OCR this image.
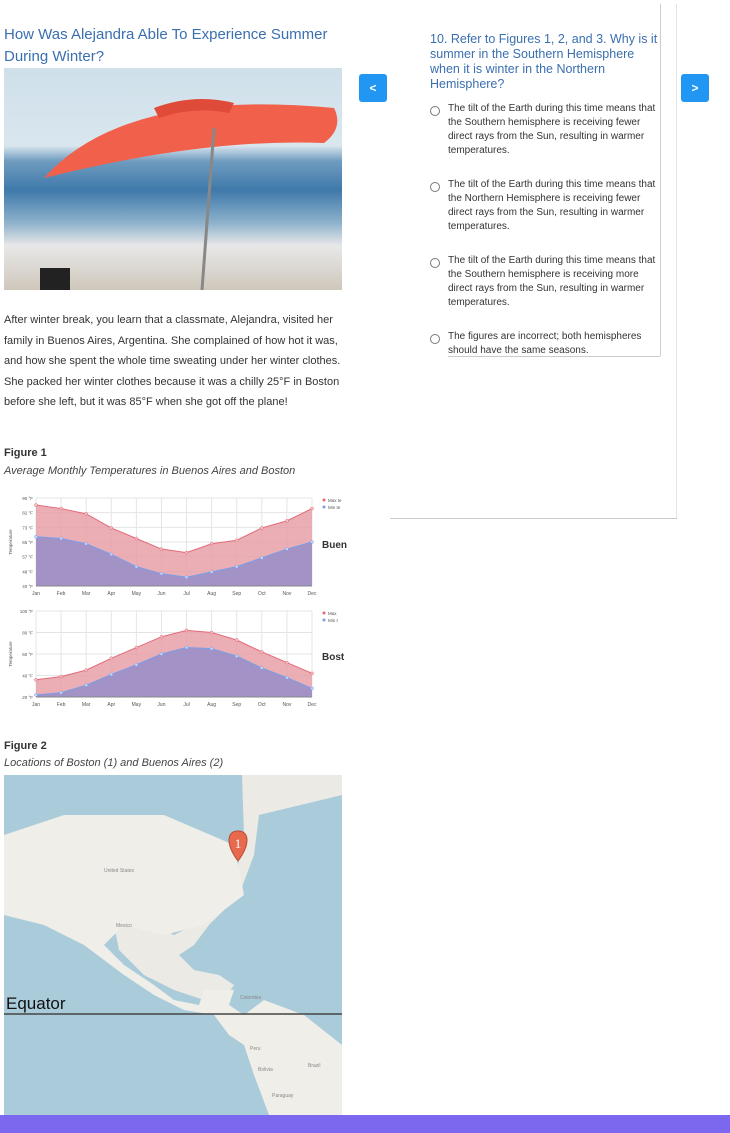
How Was Alejandra Able To Experience Summer During Winter?
After winter break, you learn that a classmate, Alejandra, visited her family in Buenos Aires, Argentina. She complained of how hot it was, and how she spent the whole time sweating under her winter clothes. She packed her winter clothes because it was a chilly 25°F in Boston before she left, but it was 85°F when she got off the plane!
Figure 1
Average Monthly Temperatures in Buenos Aires and Boston
Jan	Feb	Mar	Apr	May	Jun	Jul	Aug	Sep	Oct	Nov	Dec
40 °F
48 °F
57 °F
65 °F
73 °F
82 °F
90 °F
Temperature
Max te
Min te
Buen
Jan	Feb	Mar	Apr	May	Jun	Jul	Aug	Sep	Oct	Nov	Dec
20 °F
40 °F
60 °F
80 °F
100 °F
Temperature
Max
Min t
Bost
Figure 2
Locations of Boston (1) and Buenos Aires (2)
United States
Mexico
Colombia
Peru
Brazil
Bolivia
Paraguay
1
Equator
<	>
10. Refer to Figures 1, 2, and 3. Why is it summer in the Southern Hemisphere when it is winter in the Northern Hemisphere?
The tilt of the Earth during this time means that the Southern hemisphere is receiving fewer direct rays from the Sun, resulting in warmer temperatures.
The tilt of the Earth during this time means that the Northern Hemisphere is receiving fewer direct rays from the Sun, resulting in warmer temperatures.
The tilt of the Earth during this time means that the Southern hemisphere is receiving more direct rays from the Sun, resulting in warmer temperatures.
The figures are incorrect; both hemispheres should have the same seasons.
